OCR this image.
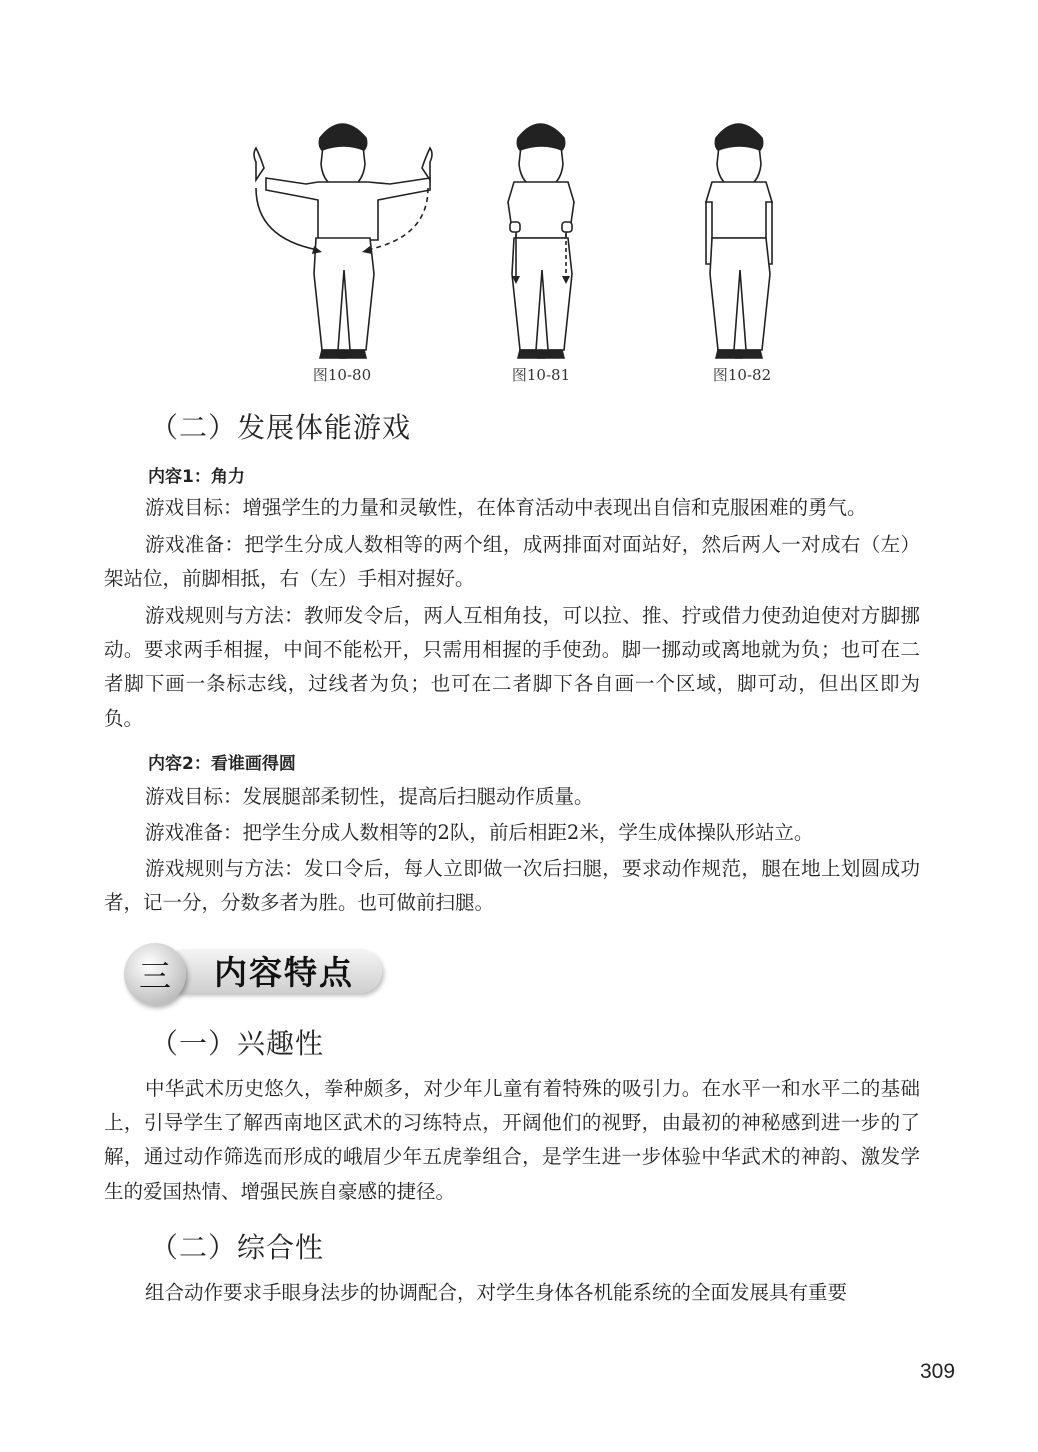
图10-80	图10-81	图10-82
（二）发展体能游戏
内容1：角力

游戏目标：增强学生的力量和灵敏性，在体育活动中表现出自信和克服困难的勇气。

游戏准备：把学生分成人数相等的两个组，成两排面对面站好，然后两人一对成右（左）架站位，前脚相抵，右（左）手相对握好。

游戏规则与方法：教师发令后，两人互相角技，可以拉、推、拧或借力使劲迫使对方脚挪动。要求两手相握，中间不能松开，只需用相握的手使劲。脚一挪动或离地就为负；也可在二者脚下画一条标志线，过线者为负；也可在二者脚下各自画一个区域，脚可动，但出区即为负。

内容2：看谁画得圆

游戏目标：发展腿部柔韧性，提高后扫腿动作质量。

游戏准备：把学生分成人数相等的2队，前后相距2米，学生成体操队形站立。

游戏规则与方法：发口令后，每人立即做一次后扫腿，要求动作规范，腿在地上划圆成功者，记一分，分数多者为胜。也可做前扫腿。

三 内容特点
（一）兴趣性

中华武术历史悠久，拳种颇多，对少年儿童有着特殊的吸引力。在水平一和水平二的基础上，引导学生了解西南地区武术的习练特点，开阔他们的视野，由最初的神秘感到进一步的了解，通过动作筛选而形成的峨眉少年五虎拳组合，是学生进一步体验中华武术的神韵、激发学生的爱国热情、增强民族自豪感的捷径。

（二）综合性

组合动作要求手眼身法步的协调配合，对学生身体各机能系统的全面发展具有重要

309
